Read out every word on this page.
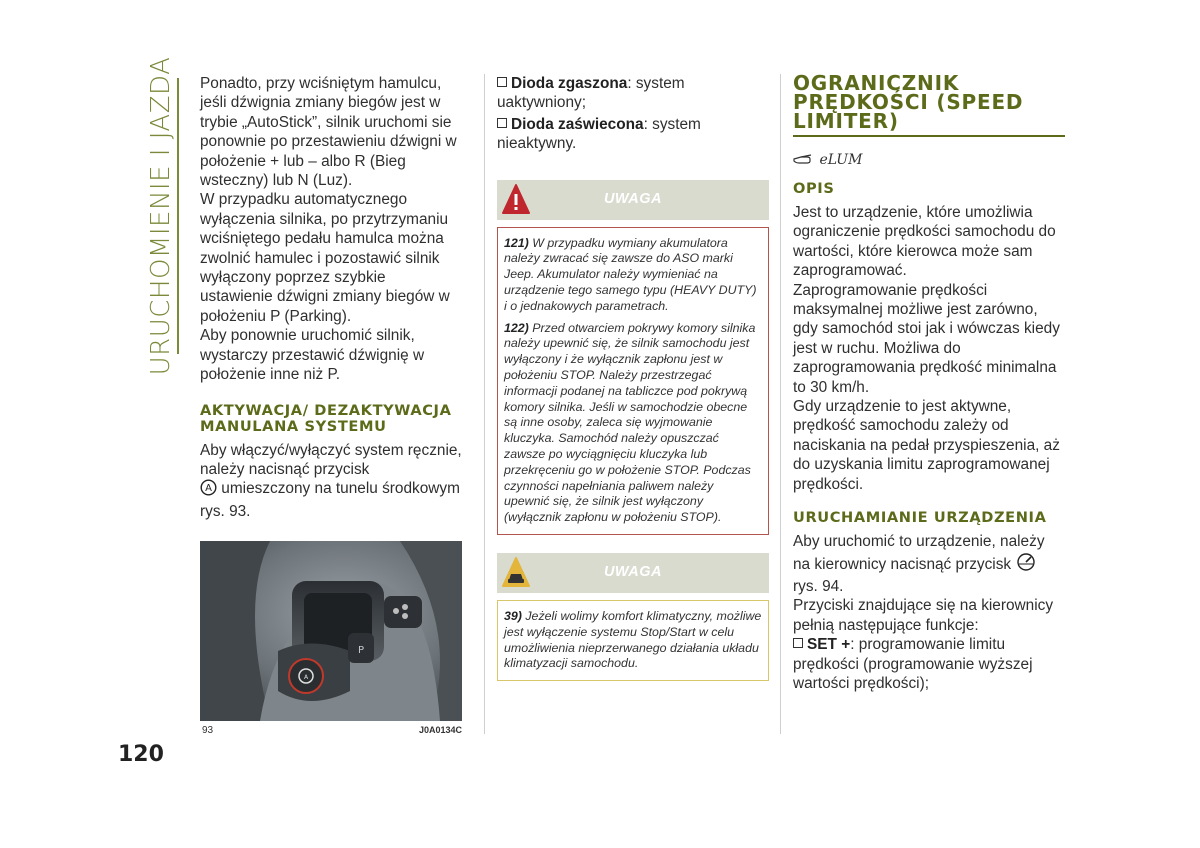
URUCHOMIENIE I JAZDA
120

Ponadto, przy wciśniętym hamulcu, jeśli dźwignia zmiany biegów jest w trybie „AutoStick”, silnik uruchomi sie ponownie po przestawieniu dźwigni w położenie + lub – albo R (Bieg wsteczny) lub N (Luz).

W przypadku automatycznego wyłączenia silnika, po przytrzymaniu wciśniętego pedału hamulca można zwolnić hamulec i pozostawić silnik wyłączony poprzez szybkie ustawienie dźwigni zmiany biegów w położeniu P (Parking).

Aby ponownie uruchomić silnik, wystarczy przestawić dźwignię w położenie inne niż P.

AKTYWACJA/ DEZAKTYWACJA MANULANA SYSTEMU

Aby włączyć/wyłączyć system ręcznie, należy nacisnąć przycisk

A umieszczony na tunelu środkowym rys. 93.

P
A
93	J0A0134C

Dioda zgaszona: system uaktywniony;

Dioda zaświecona: system nieaktywny.

UWAGA

121) W przypadku wymiany akumulatora należy zwracać się zawsze do ASO marki Jeep. Akumulator należy wymieniać na urządzenie tego samego typu (HEAVY DUTY) i o jednakowych parametrach.

122) Przed otwarciem pokrywy komory silnika należy upewnić się, że silnik samochodu jest wyłączony i że wyłącznik zapłonu jest w położeniu STOP. Należy przestrzegać informacji podanej na tabliczce pod pokrywą komory silnika. Jeśli w samochodzie obecne są inne osoby, zaleca się wyjmowanie kluczyka. Samochód należy opuszczać zawsze po wyciągnięciu kluczyka lub przekręceniu go w położenie STOP. Podczas czynności napełniania paliwem należy upewnić się, że silnik jest wyłączony (wyłącznik zapłonu w położeniu STOP).

UWAGA

39) Jeżeli wolimy komfort klimatyczny, możliwe jest wyłączenie systemu Stop/Start w celu umożliwienia nieprzerwanego działania układu klimatyzacji samochodu.

OGRANICZNIK PRĘDKOŚCI (SPEED LIMITER)
eLUM
OPIS

Jest to urządzenie, które umożliwia ograniczenie prędkości samochodu do wartości, które kierowca może sam zaprogramować.

Zaprogramowanie prędkości maksymalnej możliwe jest zarówno, gdy samochód stoi jak i wówczas kiedy jest w ruchu. Możliwa do zaprogramowania prędkość minimalna to 30 km/h.

Gdy urządzenie to jest aktywne, prędkość samochodu zależy od naciskania na pedał przyspieszenia, aż do uzyskania limitu zaprogramowanej prędkości.

URUCHAMIANIE URZĄDZENIA

Aby uruchomić to urządzenie, należy na kierownicy nacisnąć przycisk  rys. 94.

Przyciski znajdujące się na kierownicy pełnią następujące funkcje:

SET +: programowanie limitu prędkości (programowanie wyższej wartości prędkości);
